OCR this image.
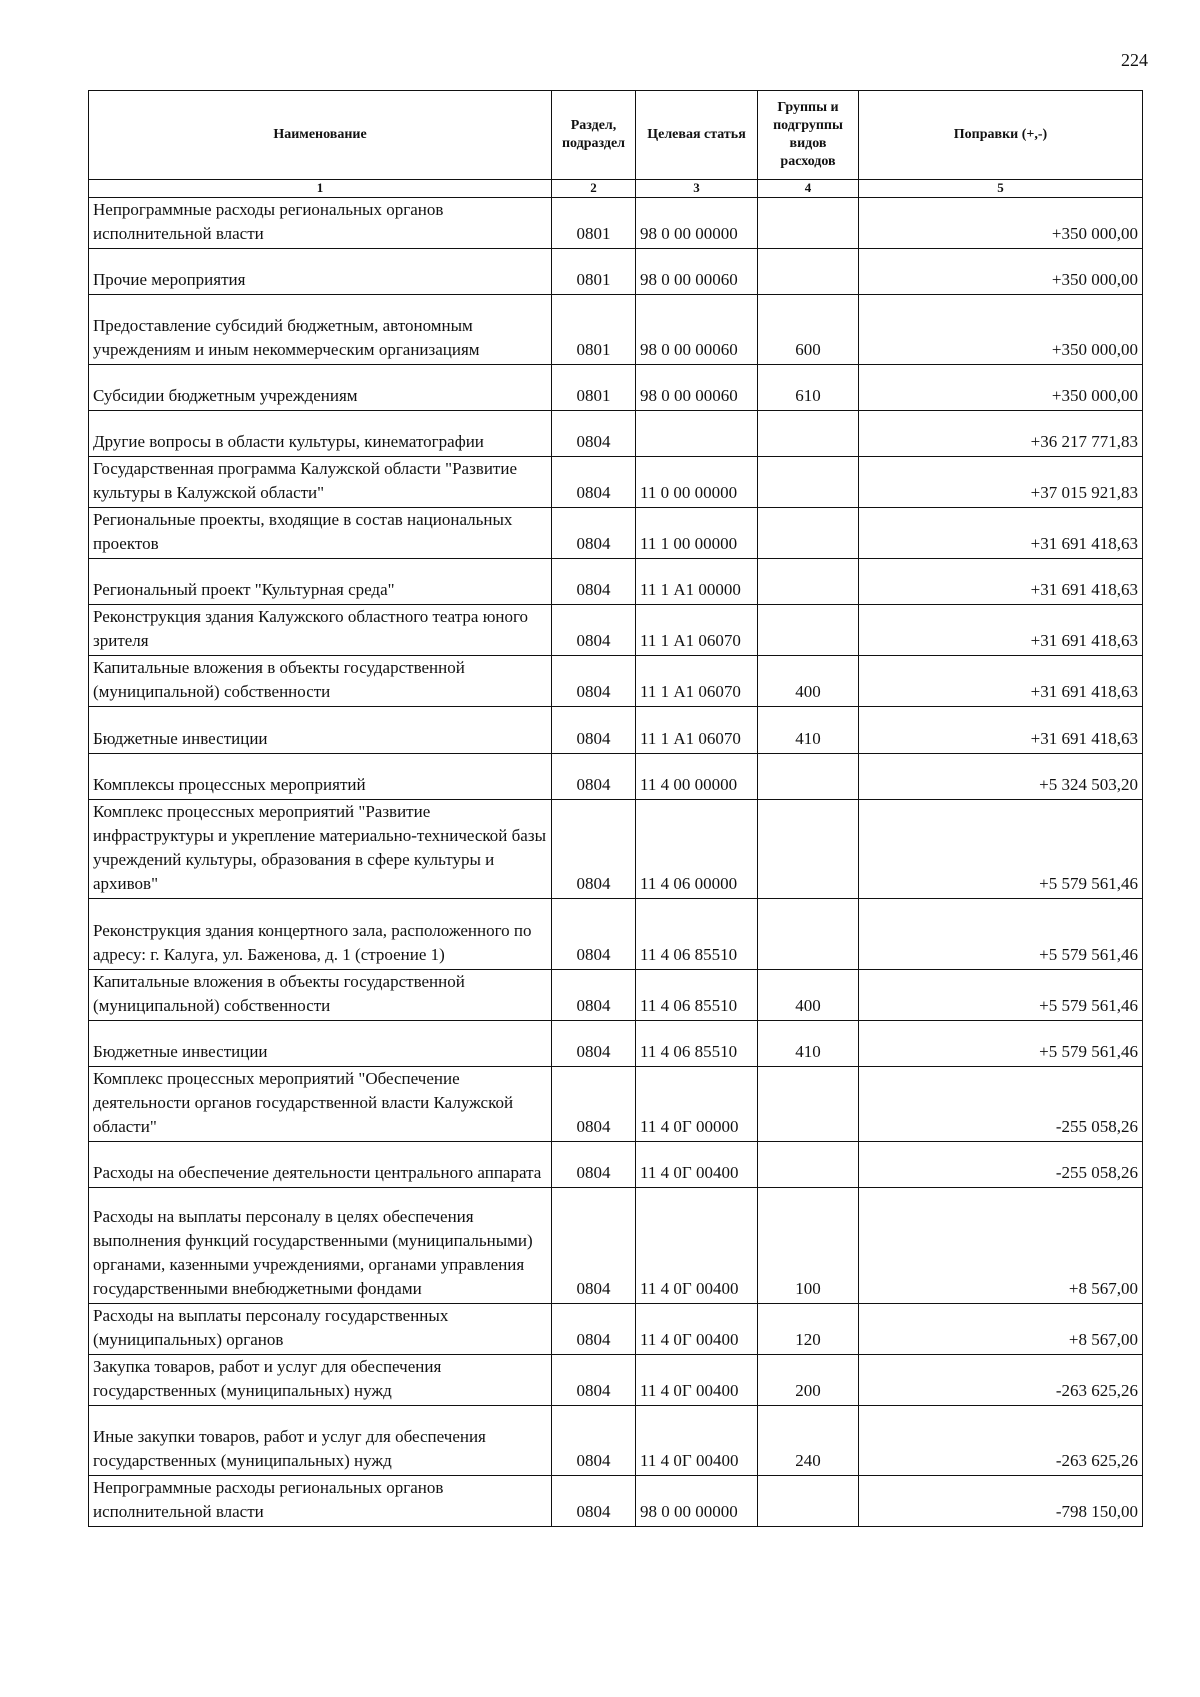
224
Наименование	Раздел, подраздел	Целевая статья	Группы и подгруппы видов расходов	Поправки (+,-)
1	2	3	4	5
Непрограммные расходы региональных органов исполнительной власти	0801	98 0 00 00000		+350 000,00
Прочие мероприятия	0801	98 0 00 00060		+350 000,00
Предоставление субсидий бюджетным, автономным учреждениям и иным некоммерческим организациям	0801	98 0 00 00060	600	+350 000,00
Субсидии бюджетным учреждениям	0801	98 0 00 00060	610	+350 000,00
Другие вопросы в области культуры, кинематографии	0804			+36 217 771,83
Государственная программа Калужской области "Развитие культуры в Калужской области"	0804	11 0 00 00000		+37 015 921,83
Региональные проекты, входящие в состав национальных проектов	0804	11 1 00 00000		+31 691 418,63
Региональный проект "Культурная среда"	0804	11 1 А1 00000		+31 691 418,63
Реконструкция здания Калужского областного театра юного зрителя	0804	11 1 А1 06070		+31 691 418,63
Капитальные вложения в объекты государственной (муниципальной) собственности	0804	11 1 А1 06070	400	+31 691 418,63
Бюджетные инвестиции	0804	11 1 А1 06070	410	+31 691 418,63
Комплексы процессных мероприятий	0804	11 4 00 00000		+5 324 503,20
Комплекс процессных мероприятий "Развитие инфраструктуры и укрепление материально-технической базы учреждений культуры, образования в сфере культуры и архивов"	0804	11 4 06 00000		+5 579 561,46
Реконструкция здания концертного зала, расположенного по адресу: г. Калуга, ул. Баженова, д. 1 (строение 1)	0804	11 4 06 85510		+5 579 561,46
Капитальные вложения в объекты государственной (муниципальной) собственности	0804	11 4 06 85510	400	+5 579 561,46
Бюджетные инвестиции	0804	11 4 06 85510	410	+5 579 561,46
Комплекс процессных мероприятий "Обеспечение деятельности органов государственной власти Калужской области"	0804	11 4 0Г 00000		-255 058,26
Расходы на обеспечение деятельности центрального аппарата	0804	11 4 0Г 00400		-255 058,26
Расходы на выплаты персоналу в целях обеспечения выполнения функций государственными (муниципальными) органами, казенными учреждениями, органами управления государственными внебюджетными фондами	0804	11 4 0Г 00400	100	+8 567,00
Расходы на выплаты персоналу государственных (муниципальных) органов	0804	11 4 0Г 00400	120	+8 567,00
Закупка товаров, работ и услуг для обеспечения государственных (муниципальных) нужд	0804	11 4 0Г 00400	200	-263 625,26
Иные закупки товаров, работ и услуг для обеспечения государственных (муниципальных) нужд	0804	11 4 0Г 00400	240	-263 625,26
Непрограммные расходы региональных органов исполнительной власти	0804	98 0 00 00000		-798 150,00
